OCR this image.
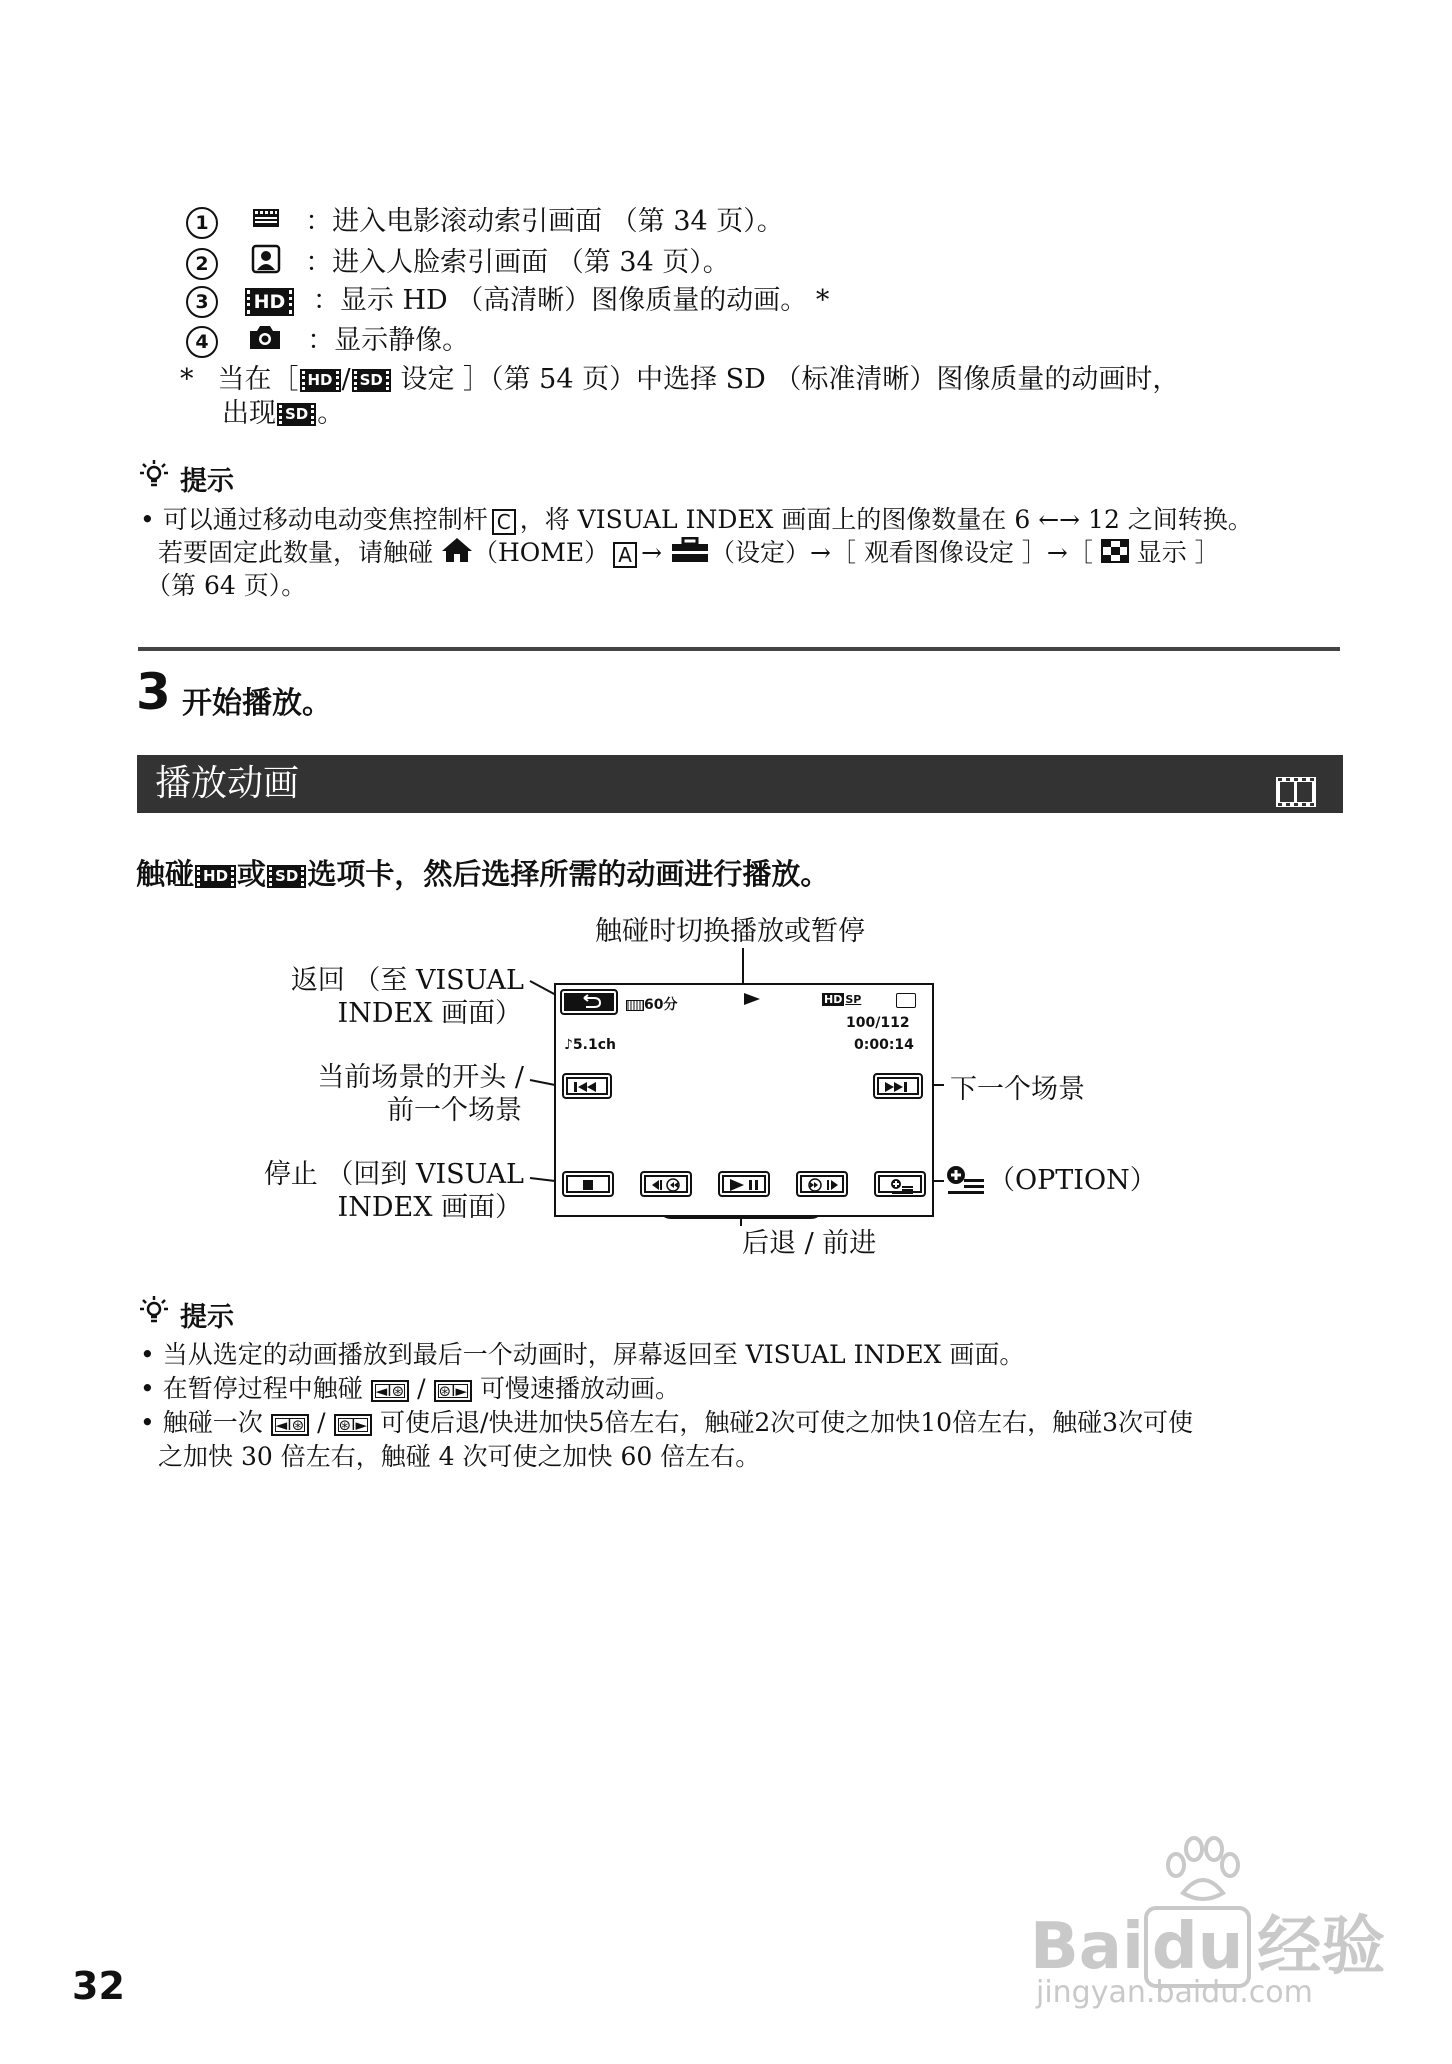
1	：进入电影滚动索引画面 （第 34 页）。
2	：进入人脸索引画面 （第 34 页）。
3 HD ：显示 HD （高清晰）图像质量的动画。 *
4	：显示静像。
* 当在［ HD / SD 设定 ］（第 54 页）中选择 SD （标准清晰）图像质量的动画时，
出现 SD 。
提示
• 可以通过移动电动变焦控制杆 C ，将 VISUAL INDEX 画面上的图像数量在 6 ←→ 12 之间转换。
若要固定此数量，请触碰 （HOME） A → （设定）→［ 观看图像设定 ］→［  显示 ］
（第 64 页）。
3 开始播放。
播放动画
触碰 HD 或 SD 选项卡，然后选择所需的动画进行播放。
触碰时切换播放或暂停
返回 （至 VISUAL
INDEX 画面）
当前场景的开头 /
前一个场景
停止 （回到 VISUAL
INDEX 画面）
下一个场景
（OPTION）
后退 / 前进
60分	HD SP
100/112
♪5.1ch	0:00:14
提示
• 当从选定的动画播放到最后一个动画时，屏幕返回至 VISUAL INDEX 画面。
• 在暂停过程中触碰 ◄I⊛ / ⊛I► 可慢速播放动画。
• 触碰一次 ◄I⊛ / ⊛I► 可使后退/快进加快5倍左右，触碰2次可使之加快10倍左右，触碰3次可使
之加快 30 倍左右，触碰 4 次可使之加快 60 倍左右。
32
Bai du 经验
jingyan.baidu.com
